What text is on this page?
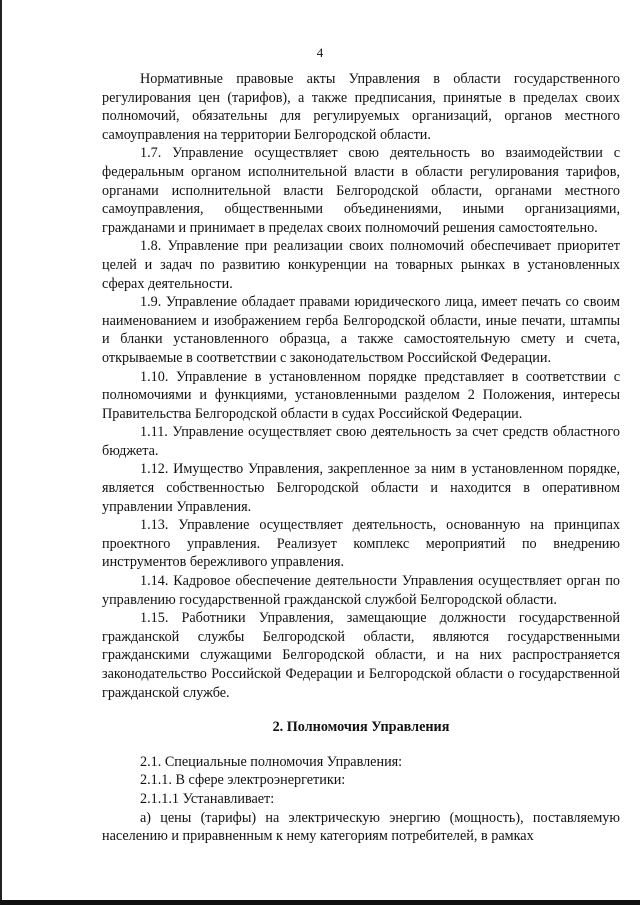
4

Нормативные правовые акты Управления в области государственного регулирования цен (тарифов), а также предписания, принятые в пределах своих полномочий, обязательны для регулируемых организаций, органов местного самоуправления на территории Белгородской области.

1.7. Управление осуществляет свою деятельность во взаимодействии с федеральным органом исполнительной власти в области регулирования тарифов, органами исполнительной власти Белгородской области, органами местного самоуправления, общественными объединениями, иными организациями, гражданами и принимает в пределах своих полномочий решения самостоятельно.

1.8. Управление при реализации своих полномочий обеспечивает приоритет целей и задач по развитию конкуренции на товарных рынках в установленных сферах деятельности.

1.9. Управление обладает правами юридического лица, имеет печать со своим наименованием и изображением герба Белгородской области, иные печати, штампы и бланки установленного образца, а также самостоятельную смету и счета, открываемые в соответствии с законодательством Российской Федерации.

1.10. Управление в установленном порядке представляет в соответствии с полномочиями и функциями, установленными разделом 2 Положения, интересы Правительства Белгородской области в судах Российской Федерации.

1.11. Управление осуществляет свою деятельность за счет средств областного бюджета.

1.12. Имущество Управления, закрепленное за ним в установленном порядке, является собственностью Белгородской области и находится в оперативном управлении Управления.

1.13. Управление осуществляет деятельность, основанную на принципах проектного управления. Реализует комплекс мероприятий по внедрению инструментов бережливого управления.

1.14. Кадровое обеспечение деятельности Управления осуществляет орган по управлению государственной гражданской службой Белгородской области.

1.15. Работники Управления, замещающие должности государственной гражданской службы Белгородской области, являются государственными гражданскими служащими Белгородской области, и на них распространяется законодательство Российской Федерации и Белгородской области о государственной гражданской службе.

2. Полномочия Управления

2.1. Специальные полномочия Управления:

2.1.1. В сфере электроэнергетики:

2.1.1.1 Устанавливает:

а) цены (тарифы) на электрическую энергию (мощность), поставляемую населению и приравненным к нему категориям потребителей, в рамках
